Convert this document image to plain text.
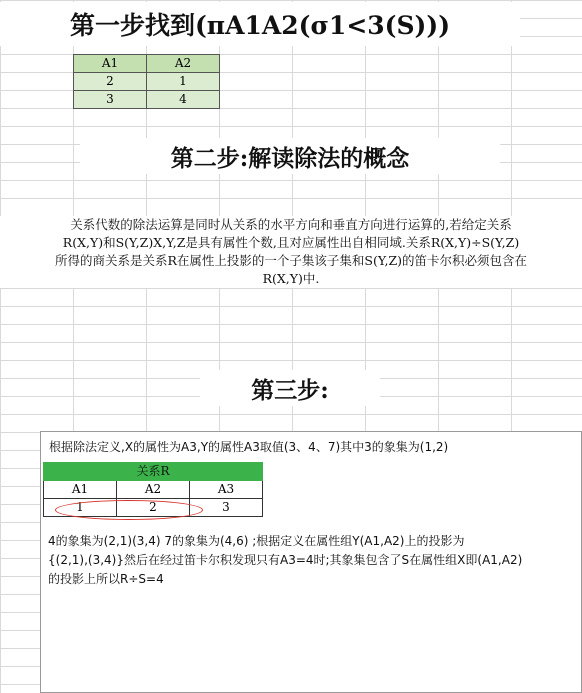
第一步找到(πA1A2(σ1<3(S)))
A1	A2
2	1
3	4
第二步:解读除法的概念
关系代数的除法运算是同时从关系的水平方向和垂直方向进行运算的,若给定关系
R(X,Y)和S(Y,Z)X,Y,Z是具有属性个数,且对应属性出自相同域.关系R(X,Y)÷S(Y,Z)
所得的商关系是关系R在属性上投影的一个子集该子集和S(Y,Z)的笛卡尔积必须包含在
R(X,Y)中.
第三步:
根据除法定义,X的属性为A3,Y的属性A3取值(3、4、7)其中3的象集为(1,2)
关系R		
A1	A2	A3
1	2	3
4的象集为(2,1)(3,4) 7的象集为(4,6) ;根据定义在属性组Y(A1,A2)上的投影为
{(2,1),(3,4)}然后在经过笛卡尔积发现只有A3=4时;其象集包含了S在属性组X即(A1,A2)
的投影上所以R÷S=4
